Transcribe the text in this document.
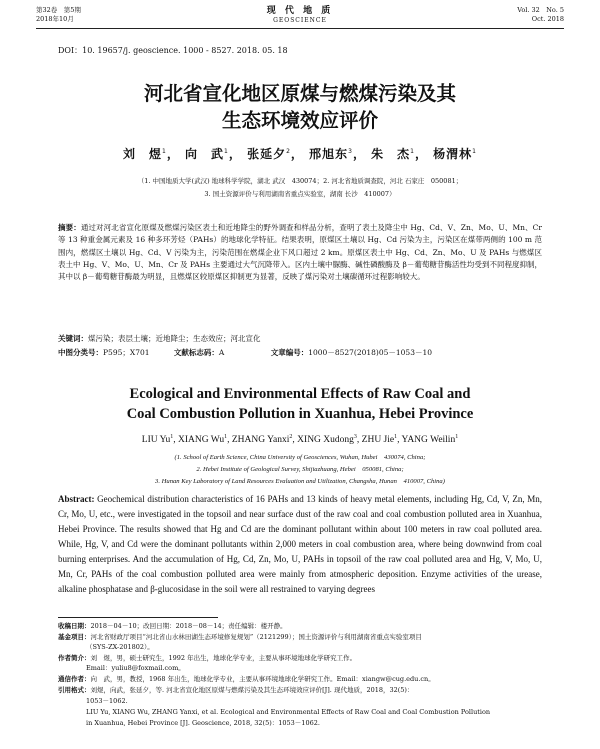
第32卷　第5期
2018年10月
现 代 地 质
GEOSCIENCE
Vol. 32　No. 5
Oct. 2018
DOI：10. 19657/j. geoscience. 1000 - 8527. 2018. 05. 18
河北省宣化地区原煤与燃煤污染及其
生态环境效应评价
刘　煜$^1$， 向　武$^1$， 张延夕$^2$， 邢旭东$^3$， 朱　杰$^1$， 杨渭林$^1$
（1. 中国地质大学(武汉) 地球科学学院，湖北 武汉　430074；2. 河北省地质调查院，河北 石家庄　050081；
3. 国土资源评价与利用湖南省重点实验室，湖南 长沙　410007）
摘要：通过对河北省宣化原煤及燃煤污染区表土和近地降尘的野外调查和样品分析，查明了表土及降尘中 Hg、Cd、V、Zn、Mo、U、Mn、Cr 等 13 种重金属元素及 16 种多环芳烃（PAHs）的地球化学特征。结果表明，原煤区土壤以 Hg、Cd 污染为主，污染区在煤带两侧的 100 m 范围内，燃煤区土壤以 Hg、Cd、V 污染为主，污染范围在燃煤企业下风口超过 2 km。原煤区表土中 Hg、Cd、Zn、Mo、U 及 PAHs 与燃煤区表土中 Hg、V、Mo、U、Mn、Cr 及 PAHs 主要通过大气沉降带入。区内土壤中脲酶、碱性磷酸酶及 β－葡萄糖苷酶活性均受到不同程度抑制，其中以 β－葡萄糖苷酶最为明显，且燃煤区较原煤区抑制更为显著，反映了煤污染对土壤碳循环过程影响较大。
关键词：煤污染；表层土壤；近地降尘；生态效应；河北宣化
中图分类号：P595；X701	文献标志码：A	文章编号：1000－8527(2018)05－1053－10
Ecological and Environmental Effects of Raw Coal and
Coal Combustion Pollution in Xuanhua, Hebei Province
LIU Yu$^1$, XIANG Wu$^1$, ZHANG Yanxi$^2$, XING Xudong$^3$, ZHU Jie$^1$, YANG Weilin$^1$
(1. School of Earth Science, China University of Geosciences, Wuhan, Hubei　430074, China;
2. Hebei Institute of Geological Survey, Shijiazhuang, Hebei　050081, China;
3. Hunan Key Laboratory of Land Resources Evaluation and Utilization, Changsha, Hunan　410007, China)
Abstract: Geochemical distribution characteristics of 16 PAHs and 13 kinds of heavy metal elements, including Hg, Cd, V, Zn, Mn, Cr, Mo, U, etc., were investigated in the topsoil and near surface dust of the raw coal and coal combustion polluted area in Xuanhua, Hebei Province. The results showed that Hg and Cd are the dominant pollutant within about 100 meters in raw coal polluted area. While, Hg, V, and Cd were the dominant pollutants within 2,000 meters in coal combustion area, where being downwind from coal burning enterprises. And the accumulation of Hg, Cd, Zn, Mo, U, PAHs in topsoil of the raw coal polluted area and Hg, V, Mo, U, Mn, Cr, PAHs of the coal combustion polluted area were mainly from atmospheric deposition. Enzyme activities of the urease, alkaline phosphatase and β-glucosidase in the soil were all restrained to varying degrees
收稿日期：2018－04－10；改回日期：2018－08－14；责任编辑：楼开静。
基金项目：河北省财政厅项目“河北省山水林田湖生态环境修复规划”（2121299）；国土资源评价与利用湖南省重点实验室项目
（SYS-ZX-201802）。
作者简介：刘　煜，男，硕士研究生，1992 年出生，地球化学专业，主要从事环境地球化学研究工作。
Email：yuliu8@foxmail.com。
通信作者：向　武，男，教授，1968 年出生，地球化学专业，主要从事环境地球化学研究工作。Email：xiangw@cug.edu.cn。
引用格式：刘煜，向武，张延夕，等. 河北省宣化地区原煤与燃煤污染及其生态环境效应评价[J]. 现代地质，2018，32(5)：
1053－1062.
LIU Yu, XIANG Wu, ZHANG Yanxi, et al. Ecological and Environmental Effects of Raw Coal and Coal Combustion Pollution
in Xuanhua, Hebei Province [J]. Geoscience, 2018, 32(5)：1053－1062.
